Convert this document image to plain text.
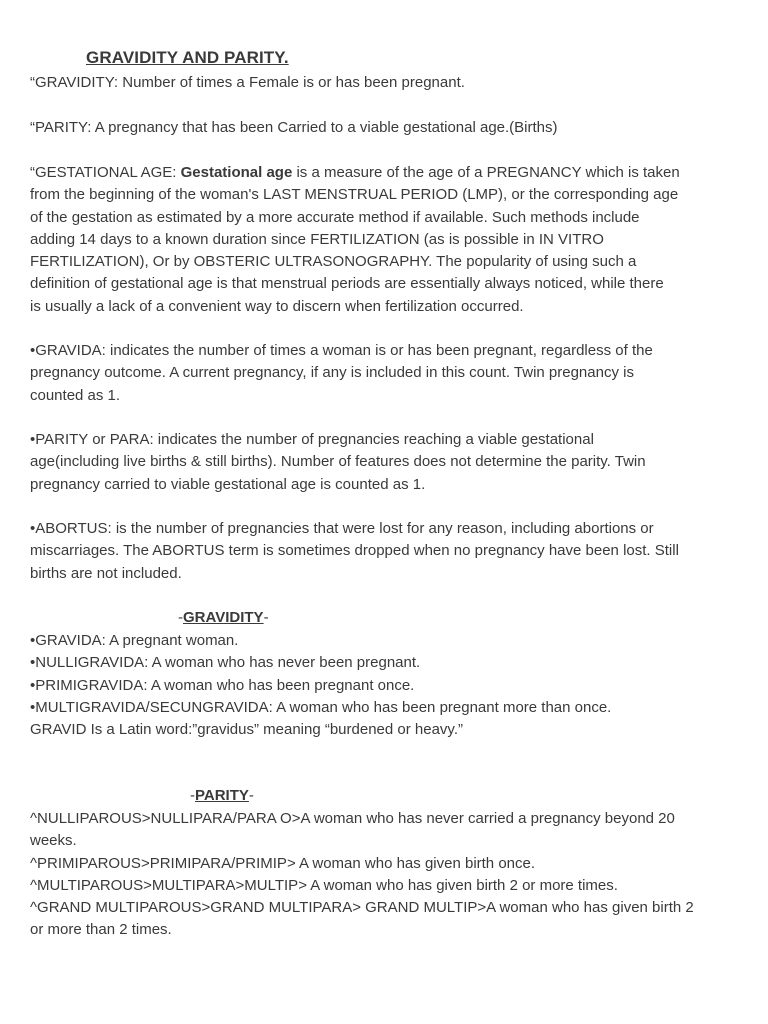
GRAVIDITY AND PARITY.

“GRAVIDITY: Number of times a Female is or has been pregnant.

“PARITY: A pregnancy that has been Carried to a viable gestational age.(Births)

“GESTATIONAL AGE: Gestational age is a measure of the age of a PREGNANCY which is taken
from the beginning of the woman's LAST MENSTRUAL PERIOD (LMP), or the corresponding age
of the gestation as estimated by a more accurate method if available. Such methods include
adding 14 days to a known duration since FERTILIZATION (as is possible in IN VITRO
FERTILIZATION), Or by OBSTERIC ULTRASONOGRAPHY. The popularity of using such a
definition of gestational age is that menstrual periods are essentially always noticed, while there
is usually a lack of a convenient way to discern when fertilization occurred.

•GRAVIDA: indicates the number of times a woman is or has been pregnant, regardless of the
pregnancy outcome. A current pregnancy, if any is included in this count. Twin pregnancy is
counted as 1.

•PARITY or PARA: indicates the number of pregnancies reaching a viable gestational
age(including live births & still births). Number of features does not determine the parity. Twin
pregnancy carried to viable gestational age is counted as 1.

•ABORTUS: is the number of pregnancies that were lost for any reason, including abortions or
miscarriages. The ABORTUS term is sometimes dropped when no pregnancy have been lost. Still
births are not included.

-GRAVIDITY-

•GRAVIDA: A pregnant woman.
•NULLIGRAVIDA: A woman who has never been pregnant.
•PRIMIGRAVIDA: A woman who has been pregnant once.
•MULTIGRAVIDA/SECUNGRAVIDA: A woman who has been pregnant more than once.
GRAVID Is a Latin word:”gravidus” meaning “burdened or heavy.”

-PARITY-

^NULLIPAROUS>NULLIPARA/PARA O>A woman who has never carried a pregnancy beyond 20
weeks.
^PRIMIPAROUS>PRIMIPARA/PRIMIP> A woman who has given birth once.
^MULTIPAROUS>MULTIPARA>MULTIP> A woman who has given birth 2 or more times.
^GRAND MULTIPAROUS>GRAND MULTIPARA> GRAND MULTIP>A woman who has given birth 2
or more than 2 times.
